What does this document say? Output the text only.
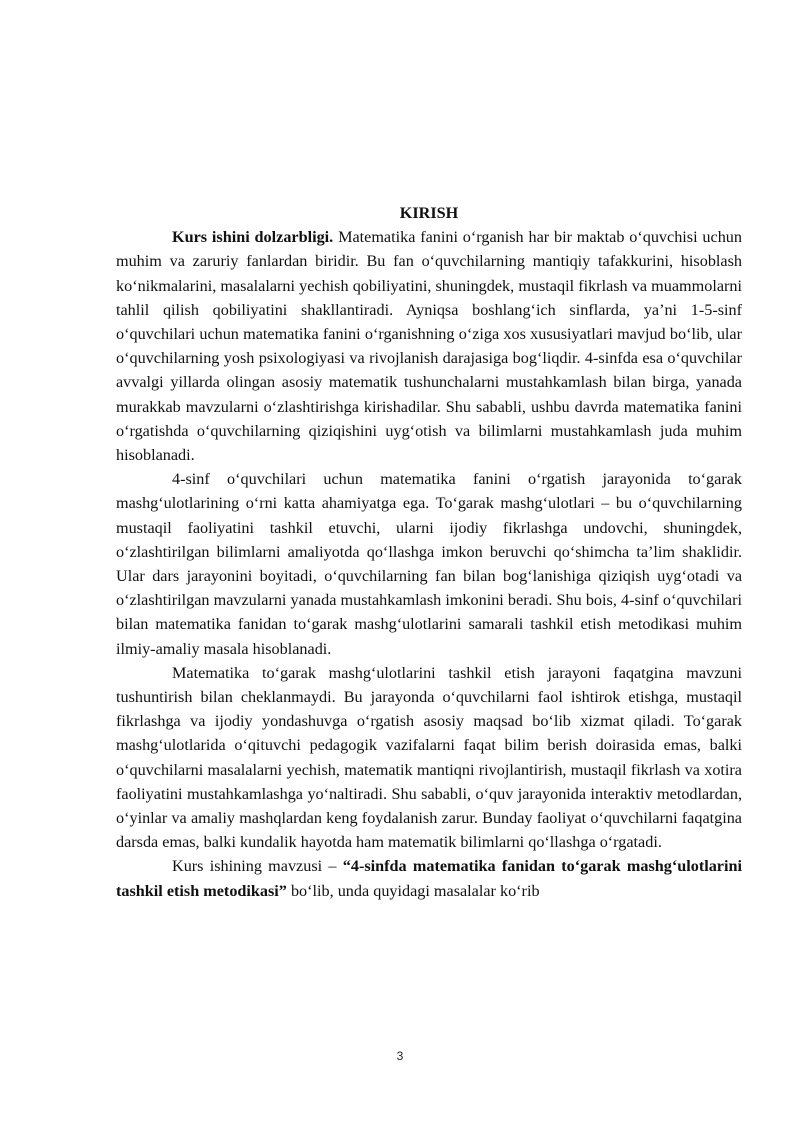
KIRISH

Kurs ishini dolzarbligi. Matematika fanini o‘rganish har bir maktab o‘quvchisi uchun muhim va zaruriy fanlardan biridir. Bu fan o‘quvchilarning mantiqiy tafakkurini, hisoblash ko‘nikmalarini, masalalarni yechish qobiliyatini, shuningdek, mustaqil fikrlash va muammolarni tahlil qilish qobiliyatini shakllantiradi. Ayniqsa boshlang‘ich sinflarda, ya’ni 1-5-sinf o‘quvchilari uchun matematika fanini o‘rganishning o‘ziga xos xususiyatlari mavjud bo‘lib, ular o‘quvchilarning yosh psixologiyasi va rivojlanish darajasiga bog‘liqdir. 4-sinfda esa o‘quvchilar avvalgi yillarda olingan asosiy matematik tushunchalarni mustahkamlash bilan birga, yanada murakkab mavzularni o‘zlashtirishga kirishadilar. Shu sababli, ushbu davrda matematika fanini o‘rgatishda o‘quvchilarning qiziqishini uyg‘otish va bilimlarni mustahkamlash juda muhim hisoblanadi.

4-sinf o‘quvchilari uchun matematika fanini o‘rgatish jarayonida to‘garak mashg‘ulotlarining o‘rni katta ahamiyatga ega. To‘garak mashg‘ulotlari – bu o‘quvchilarning mustaqil faoliyatini tashkil etuvchi, ularni ijodiy fikrlashga undovchi, shuningdek, o‘zlashtirilgan bilimlarni amaliyotda qo‘llashga imkon beruvchi qo‘shimcha ta’lim shaklidir. Ular dars jarayonini boyitadi, o‘quvchilarning fan bilan bog‘lanishiga qiziqish uyg‘otadi va o‘zlashtirilgan mavzularni yanada mustahkamlash imkonini beradi. Shu bois, 4-sinf o‘quvchilari bilan matematika fanidan to‘garak mashg‘ulotlarini samarali tashkil etish metodikasi muhim ilmiy-amaliy masala hisoblanadi.

Matematika to‘garak mashg‘ulotlarini tashkil etish jarayoni faqatgina mavzuni tushuntirish bilan cheklanmaydi. Bu jarayonda o‘quvchilarni faol ishtirok etishga, mustaqil fikrlashga va ijodiy yondashuvga o‘rgatish asosiy maqsad bo‘lib xizmat qiladi. To‘garak mashg‘ulotlarida o‘qituvchi pedagogik vazifalarni faqat bilim berish doirasida emas, balki o‘quvchilarni masalalarni yechish, matematik mantiqni rivojlantirish, mustaqil fikrlash va xotira faoliyatini mustahkamlashga yo‘naltiradi. Shu sababli, o‘quv jarayonida interaktiv metodlardan, o‘yinlar va amaliy mashqlardan keng foydalanish zarur. Bunday faoliyat o‘quvchilarni faqatgina darsda emas, balki kundalik hayotda ham matematik bilimlarni qo‘llashga o‘rgatadi.

Kurs ishining mavzusi – “4-sinfda matematika fanidan to‘garak mashg‘ulotlarini tashkil etish metodikasi” bo‘lib, unda quyidagi masalalar ko‘rib

3
